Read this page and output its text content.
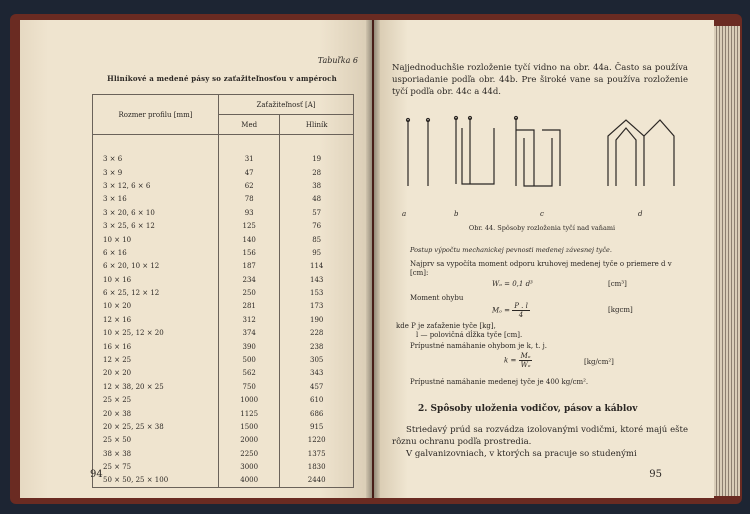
Tabuľka 6
Hliníkové a medené pásy so zaťažiteľnosťou v ampéroch
Rozmer profilu [mm]	Zaťažiteľnosť [A]	
	Med	Hliník

3 × 6	31	19
3 × 9	47	28
3 × 12, 6 × 6	62	38
3 × 16	78	48
3 × 20, 6 × 10	93	57
3 × 25, 6 × 12	125	76
10 × 10	140	85
6 × 16	156	95
6 × 20, 10 × 12	187	114
10 × 16	234	143
6 × 25, 12 × 12	250	153
10 × 20	281	173
12 × 16	312	190
10 × 25, 12 × 20	374	228
16 × 16	390	238
12 × 25	500	305
20 × 20	562	343
12 × 38, 20 × 25	750	457
25 × 25	1000	610
20 × 38	1125	686
20 × 25, 25 × 38	1500	915
25 × 50	2000	1220
38 × 38	2250	1375
25 × 75	3000	1830
50 × 50, 25 × 100	4000	2440
94
Najjednoduchšie rozloženie tyčí vidno na obr. 44a. Často sa používa usporiadanie podľa obr. 44b. Pre široké vane sa používa rozloženie tyčí podľa obr. 44c a 44d.
a	b	c	d
Obr. 44. Spôsoby rozloženia tyčí nad vaňami
Postup výpočtu mechanickej pevnosti medenej závesnej tyče.
Najprv sa vypočíta moment odporu kruhovej medenej tyče o priemere d v [cm]:
Wₒ = 0,1 d³	[cm³]
Moment ohybu
$M_o = \frac{P . l}{4}$	[kgcm]
kde P je zaťaženie tyče [kg],
l — polovičná dĺžka tyče [cm].
Prípustné namáhanie ohybom je k, t. j.
$k = \frac{\text{Mₒ}}{\text{Wₒ}}$	[kg/cm²]
Prípustné namáhanie medenej tyče je 400 kg/cm².
2. Spôsoby uloženia vodičov, pásov a káblov
Striedavý prúd sa rozvádza izolovanými vodičmi, ktoré majú ešte rôznu ochranu podľa prostredia.
V galvanizovniach, v ktorých sa pracuje so studenými
95
